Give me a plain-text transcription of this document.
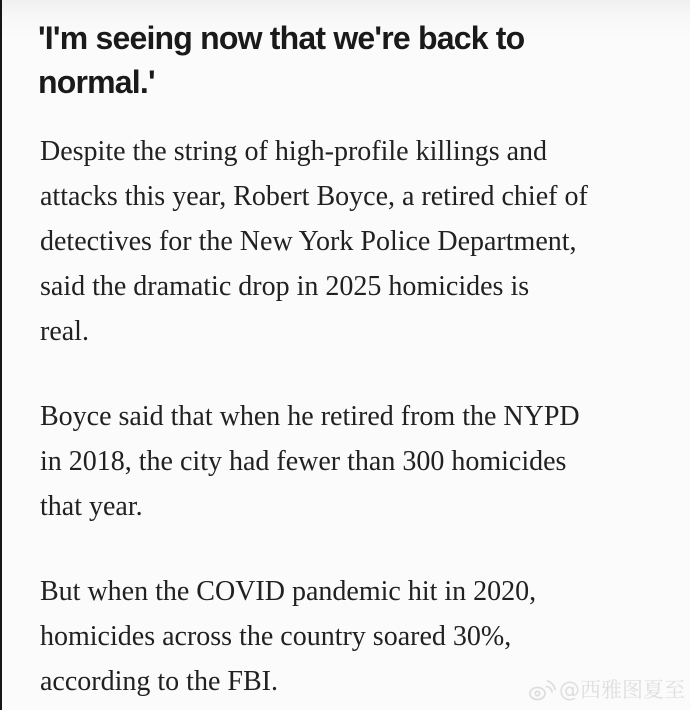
'I'm seeing now that we're back to
normal.'
Despite the string of high-profile killings and
attacks this year, Robert Boyce, a retired chief of
detectives for the New York Police Department,
said the dramatic drop in 2025 homicides is
real.
Boyce said that when he retired from the NYPD
in 2018, the city had fewer than 300 homicides
that year.
But when the COVID pandemic hit in 2020,
homicides across the country soared 30%,
according to the FBI.	@西雅图夏至
